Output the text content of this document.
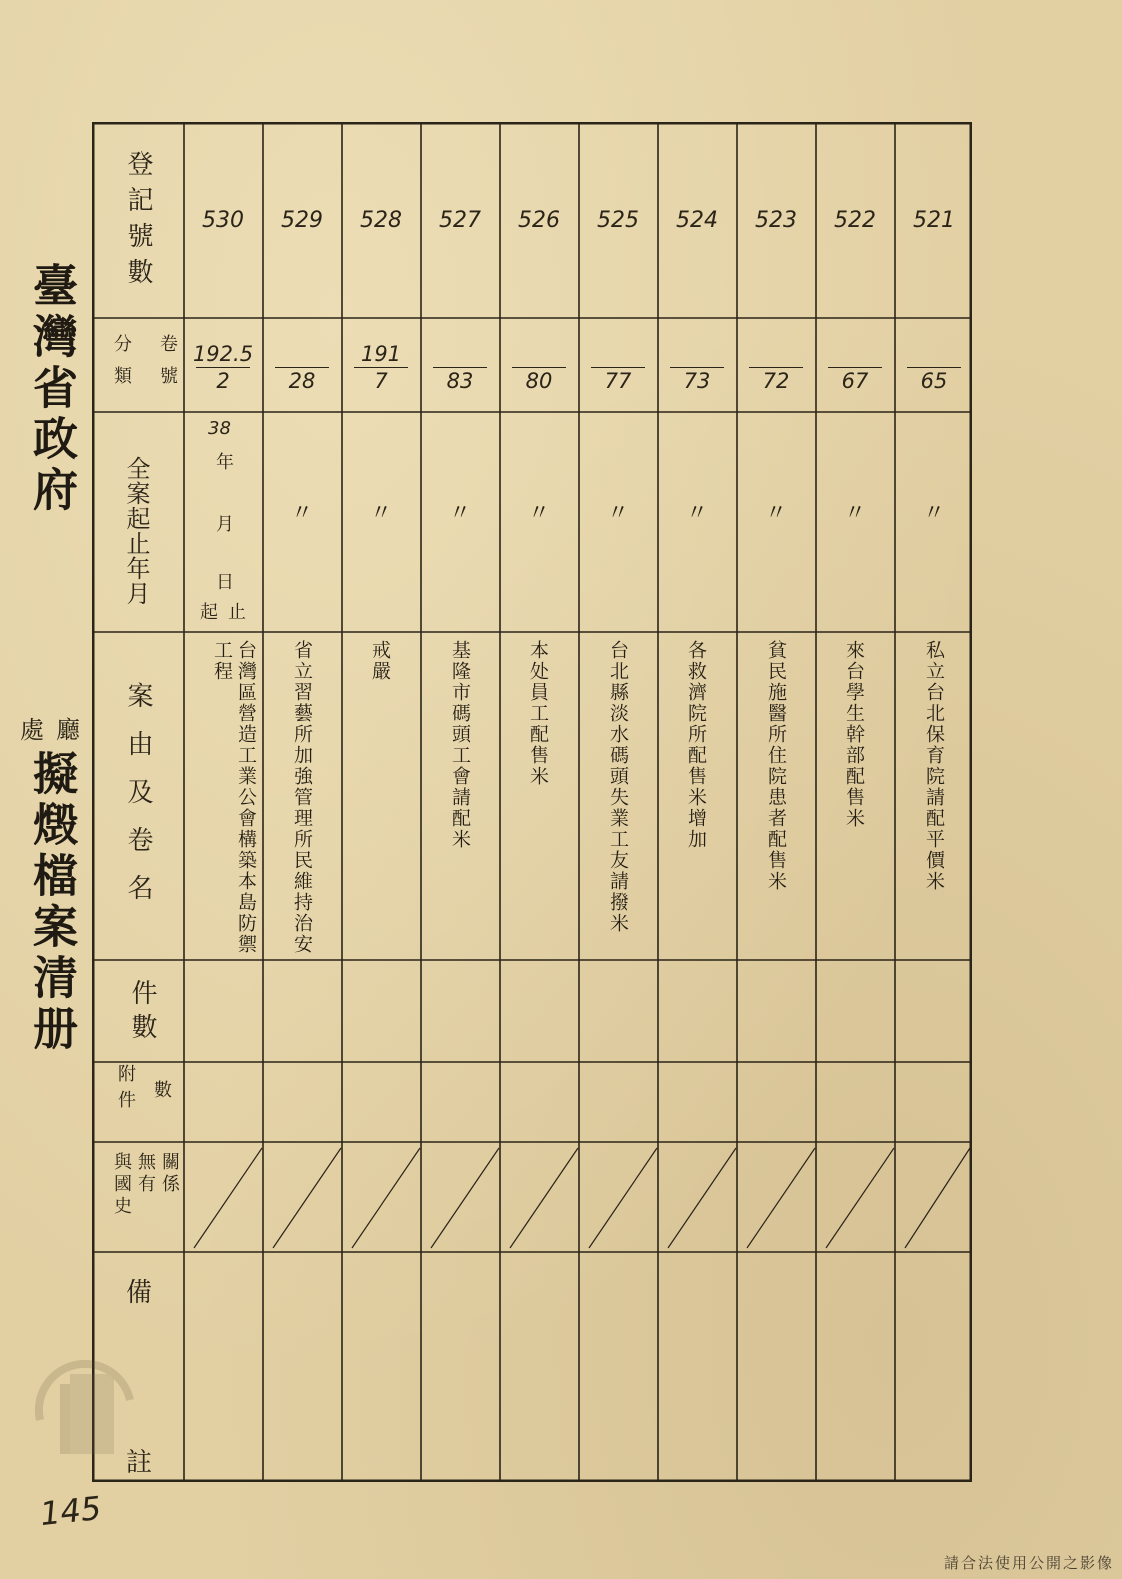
臺灣省政府
處 廳
擬燬檔案清册
登記號數
卷號
分類
全案起止年月
案由及卷名
件數
數
附件
與國史 無有 關係
備
註
38
年
月
日
起 止
530
192.5
2
台灣區營造工業公會構築本島防禦工程
529
28
〃
省立習藝所加強管理所民維持治安
528
191
7
〃
戒嚴
527
83
〃
基隆市碼頭工會請配米
526
80
〃
本处員工配售米
525
77
〃
台北縣淡水碼頭失業工友請撥米
524
73
〃
各救濟院所配售米增加
523
72
〃
貧民施醫所住院患者配售米
522
67
〃
來台學生幹部配售米
521
65
〃
私立台北保育院請配平價米
145
請合法使用公開之影像
